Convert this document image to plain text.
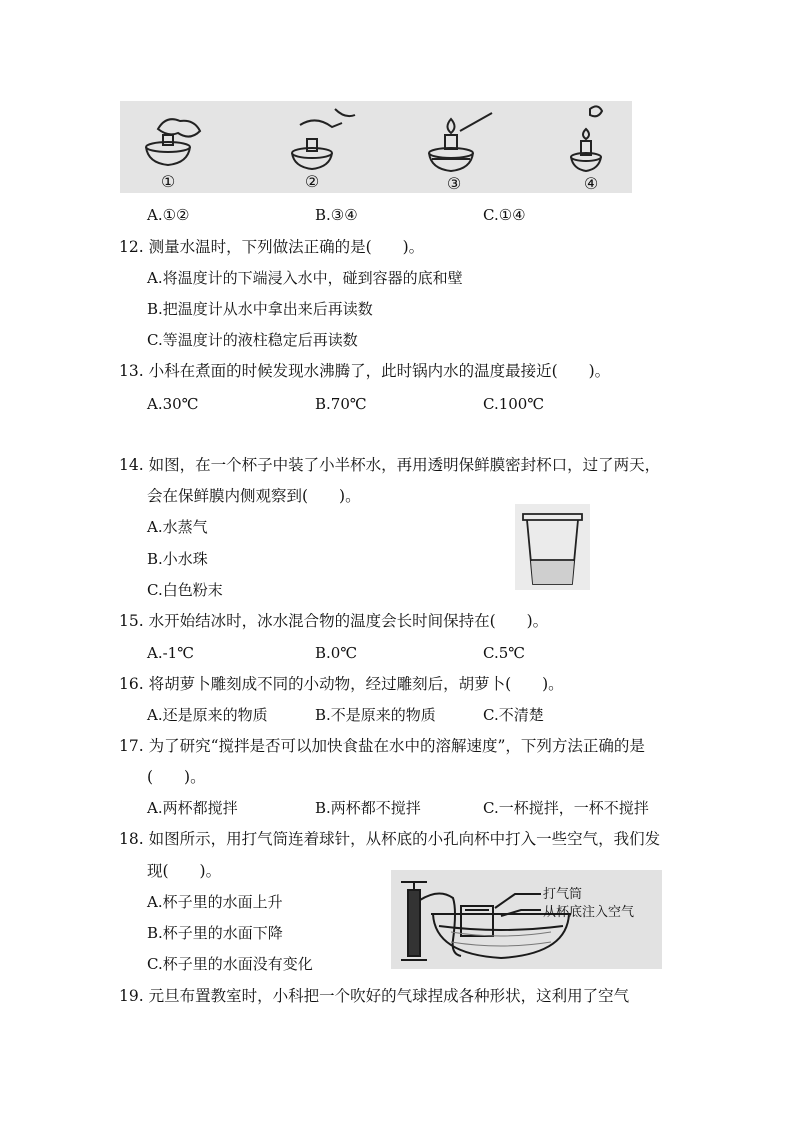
①	②	③	④
A.①②	B.③④	C.①④
12. 测量水温时，下列做法正确的是(　　)。
A.将温度计的下端浸入水中，碰到容器的底和壁
B.把温度计从水中拿出来后再读数
C.等温度计的液柱稳定后再读数
13. 小科在煮面的时候发现水沸腾了，此时锅内水的温度最接近(　　)。
A.30℃	B.70℃	C.100℃
14. 如图，在一个杯子中装了小半杯水，再用透明保鲜膜密封杯口，过了两天，
会在保鲜膜内侧观察到(　　)。
A.水蒸气
B.小水珠
C.白色粉末
15. 水开始结冰时，冰水混合物的温度会长时间保持在(　　)。
A.-1℃	B.0℃	C.5℃
16. 将胡萝卜雕刻成不同的小动物，经过雕刻后，胡萝卜(　　)。
A.还是原来的物质	B.不是原来的物质	C.不清楚
17. 为了研究“搅拌是否可以加快食盐在水中的溶解速度”，下列方法正确的是
(　　)。
A.两杯都搅拌	B.两杯都不搅拌	C.一杯搅拌，一杯不搅拌
18. 如图所示，用打气筒连着球针，从杯底的小孔向杯中打入一些空气，我们发
现(　　)。
A.杯子里的水面上升
B.杯子里的水面下降
C.杯子里的水面没有变化
打气筒
从杯底注入空气
19. 元旦布置教室时，小科把一个吹好的气球捏成各种形状，这利用了空气
